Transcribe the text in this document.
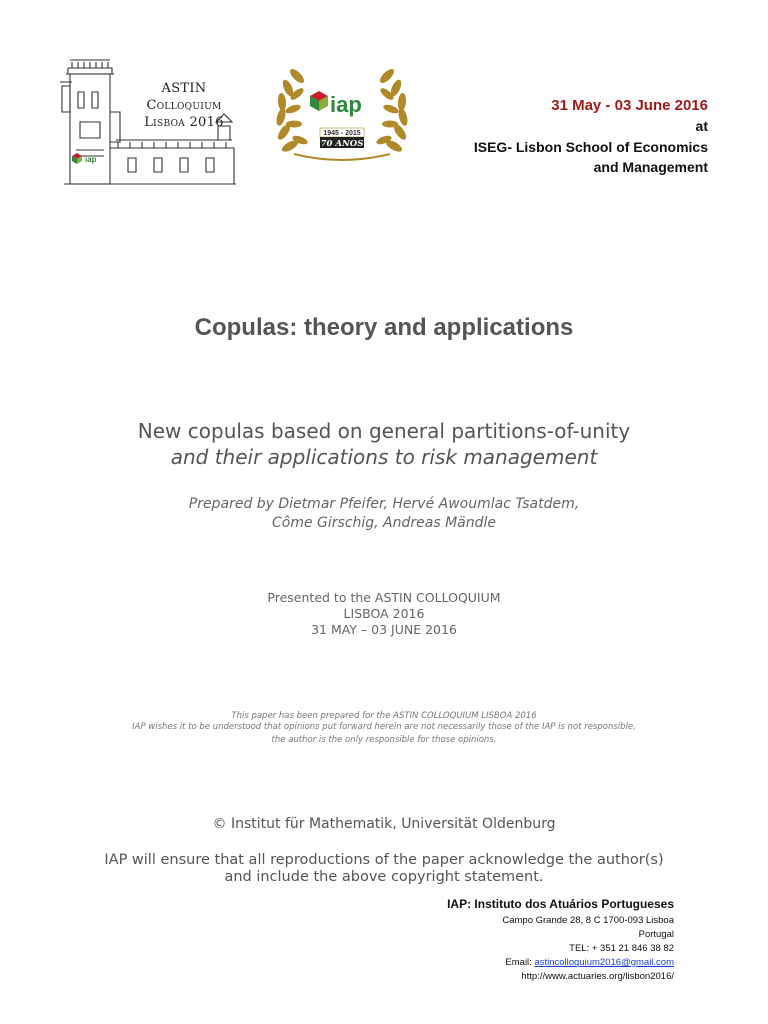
iap
ASTIN
Colloquium
Lisboa 2016
iap
1945 - 2015
70 ANOS
31 May - 03 June 2016
at
ISEG- Lisbon School of Economics
and Management
Copulas: theory and applications
New copulas based on general partitions-of-unity
and their applications to risk management
Prepared by Dietmar Pfeifer, Hervé Awoumlac Tsatdem,
Côme Girschig, Andreas Mändle
Presented to the ASTIN COLLOQUIUM
LISBOA 2016
31 MAY – 03 JUNE 2016
This paper has been prepared for the ASTIN COLLOQUIUM LISBOA 2016
IAP wishes it to be understood that opinions put forward herein are not necessarily those of the IAP is not responsible,
the author is the only responsible for those opinions.
© Institut für Mathematik, Universität Oldenburg
IAP will ensure that all reproductions of the paper acknowledge the author(s)
and include the above copyright statement.
IAP: Instituto dos Atuários Portugueses
Campo Grande 28, 8 C 1700-093 Lisboa
Portugal
TEL: + 351 21 846 38 82
Email: astincolloquium2016@gmail.com
http://www.actuaries.org/lisbon2016/
